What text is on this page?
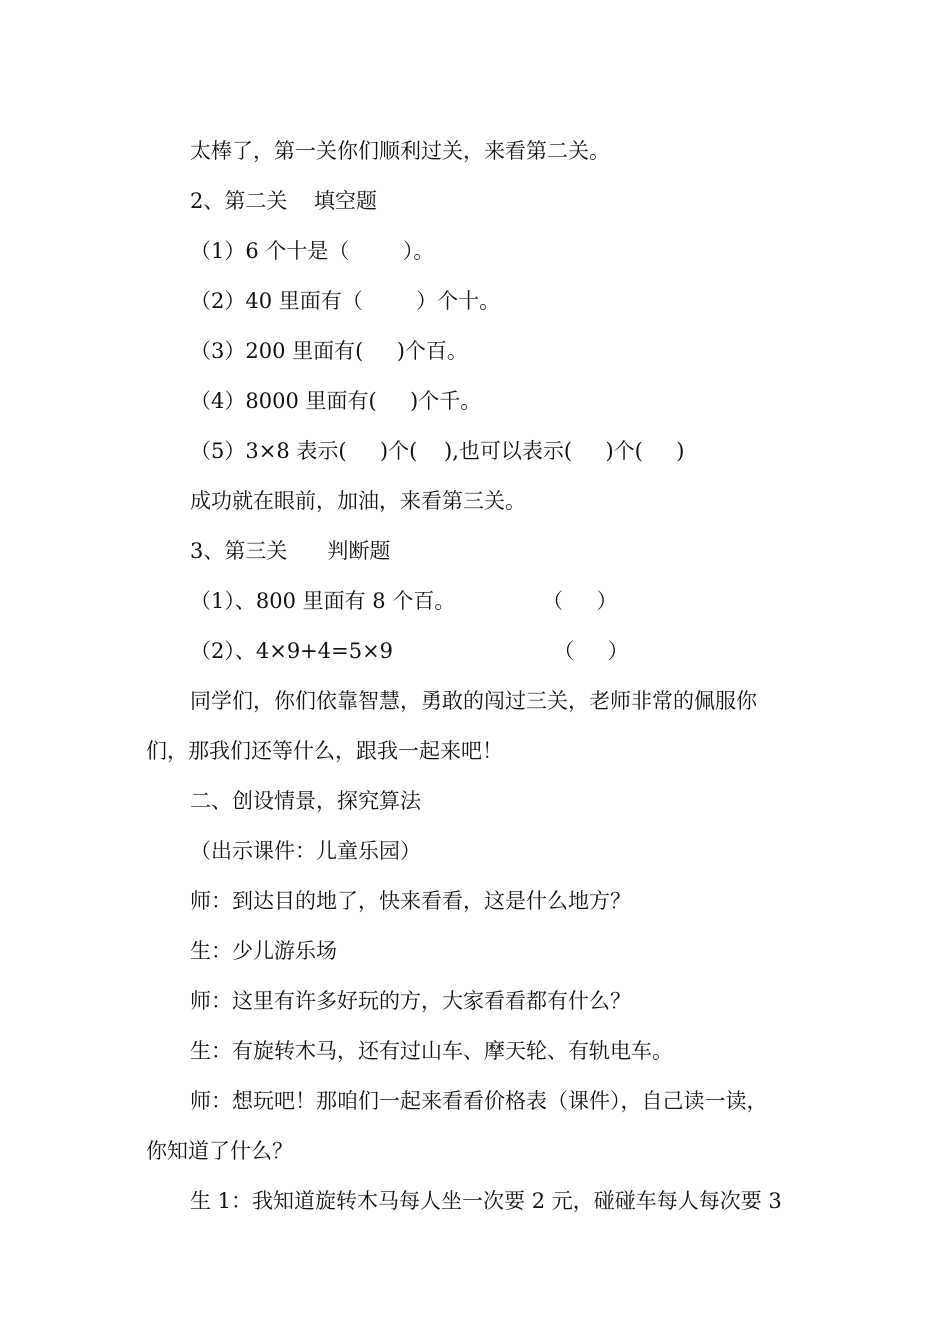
太棒了，第一关你们顺利过关，来看第二关。
2、第二关    填空题
（1）6 个十是（        ）。
（2）40 里面有（        ）个十。
（3）200 里面有(     )个百。
（4）8000 里面有(     )个千。
（5）3×8 表示(     )个(    ),也可以表示(     )个(     )
成功就在眼前，加油，来看第三关。
3、第三关      判断题
（1）、800 里面有 8 个百。             （     ）
（2）、4×9+4=5×9                        （     ）
同学们，你们依靠智慧，勇敢的闯过三关，老师非常的佩服你
们，那我们还等什么，跟我一起来吧！
二、创设情景，探究算法
（出示课件：儿童乐园）
师：到达目的地了，快来看看，这是什么地方？
生：少儿游乐场
师：这里有许多好玩的方，大家看看都有什么？
生：有旋转木马，还有过山车、摩天轮、有轨电车。
师：想玩吧！那咱们一起来看看价格表（课件），自己读一读，
你知道了什么？
生 1：我知道旋转木马每人坐一次要 2 元，碰碰车每人每次要 3
